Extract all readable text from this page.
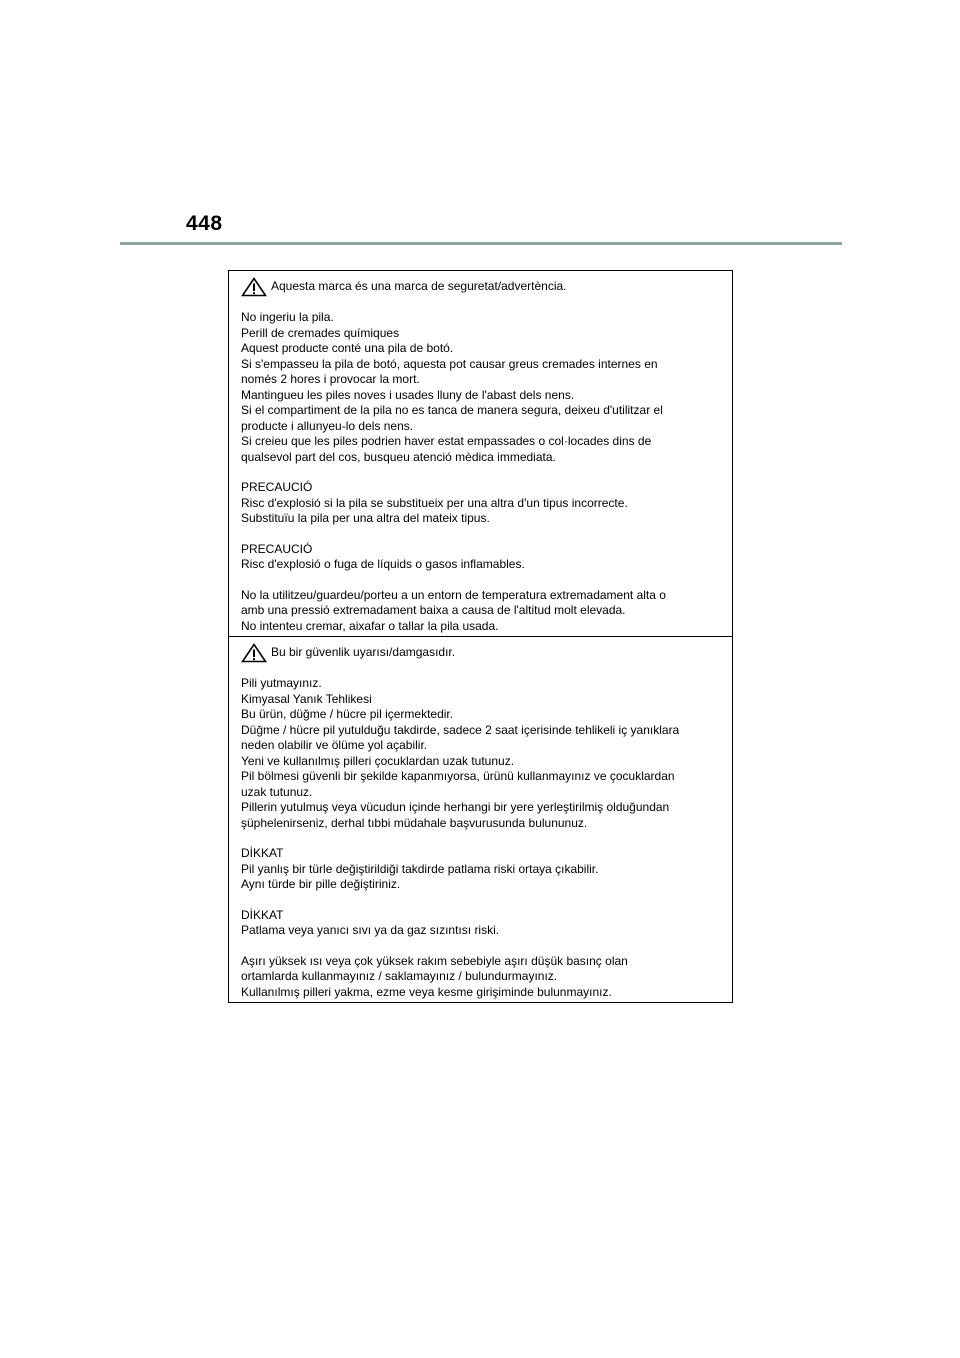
448
Aquesta marca és una marca de seguretat/advertència.
No ingeriu la pila.
Perill de cremades químiques
Aquest producte conté una pila de botó.
Si s'empasseu la pila de botó, aquesta pot causar greus cremades internes en
només 2 hores i provocar la mort.
Mantingueu les piles noves i usades lluny de l'abast dels nens.
Si el compartiment de la pila no es tanca de manera segura, deixeu d'utilitzar el
producte i allunyeu-lo dels nens.
Si creieu que les piles podrien haver estat empassades o col·locades dins de
qualsevol part del cos, busqueu atenció mèdica immediata.
PRECAUCIÓ
Risc d'explosió si la pila se substitueix per una altra d'un tipus incorrecte.
Substituïu la pila per una altra del mateix tipus.
PRECAUCIÓ
Risc d'explosió o fuga de líquids o gasos inflamables.
No la utilitzeu/guardeu/porteu a un entorn de temperatura extremadament alta o
amb una pressió extremadament baixa a causa de l'altitud molt elevada.
No intenteu cremar, aixafar o tallar la pila usada.
Bu bir güvenlik uyarısı/damgasıdır.
Pili yutmayınız.
Kimyasal Yanık Tehlikesi
Bu ürün, düğme / hücre pil içermektedir.
Düğme / hücre pil yutulduğu takdirde, sadece 2 saat içerisinde tehlikeli iç yanıklara
neden olabilir ve ölüme yol açabilir.
Yeni ve kullanılmış pilleri çocuklardan uzak tutunuz.
Pil bölmesi güvenli bir şekilde kapanmıyorsa, ürünü kullanmayınız ve çocuklardan
uzak tutunuz.
Pillerin yutulmuş veya vücudun içinde herhangi bir yere yerleştirilmiş olduğundan
şüphelenirseniz, derhal tıbbi müdahale başvurusunda bulununuz.
DİKKAT
Pil yanlış bir türle değiştirildiği takdirde patlama riski ortaya çıkabilir.
Aynı türde bir pille değiştiriniz.
DİKKAT
Patlama veya yanıcı sıvı ya da gaz sızıntısı riski.
Aşırı yüksek ısı veya çok yüksek rakım sebebiyle aşırı düşük basınç olan
ortamlarda kullanmayınız / saklamayınız / bulundurmayınız.
Kullanılmış pilleri yakma, ezme veya kesme girişiminde bulunmayınız.
